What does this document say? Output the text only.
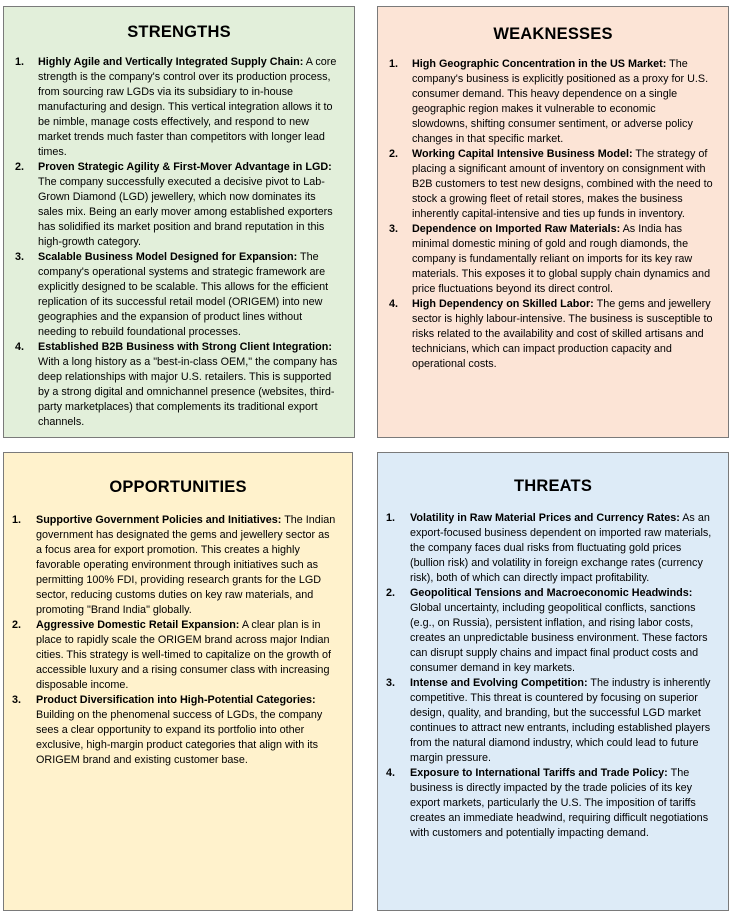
STRENGTHS
1. Highly Agile and Vertically Integrated Supply Chain: A core strength is the company's control over its production process, from sourcing raw LGDs via its subsidiary to in-house manufacturing and design. This vertical integration allows it to be nimble, manage costs effectively, and respond to new market trends much faster than competitors with longer lead times.
2. Proven Strategic Agility & First-Mover Advantage in LGD: The company successfully executed a decisive pivot to Lab-Grown Diamond (LGD) jewellery, which now dominates its sales mix. Being an early mover among established exporters has solidified its market position and brand reputation in this high-growth category.
3. Scalable Business Model Designed for Expansion: The company's operational systems and strategic framework are explicitly designed to be scalable. This allows for the efficient replication of its successful retail model (ORIGEM) into new geographies and the expansion of product lines without needing to rebuild foundational processes.
4. Established B2B Business with Strong Client Integration: With a long history as a "best-in-class OEM," the company has deep relationships with major U.S. retailers. This is supported by a strong digital and omnichannel presence (websites, third-party marketplaces) that complements its traditional export channels.
WEAKNESSES
1. High Geographic Concentration in the US Market: The company's business is explicitly positioned as a proxy for U.S. consumer demand. This heavy dependence on a single geographic region makes it vulnerable to economic slowdowns, shifting consumer sentiment, or adverse policy changes in that specific market.
2. Working Capital Intensive Business Model: The strategy of placing a significant amount of inventory on consignment with B2B customers to test new designs, combined with the need to stock a growing fleet of retail stores, makes the business inherently capital-intensive and ties up funds in inventory.
3. Dependence on Imported Raw Materials: As India has minimal domestic mining of gold and rough diamonds, the company is fundamentally reliant on imports for its key raw materials. This exposes it to global supply chain dynamics and price fluctuations beyond its direct control.
4. High Dependency on Skilled Labor: The gems and jewellery sector is highly labour-intensive. The business is susceptible to risks related to the availability and cost of skilled artisans and technicians, which can impact production capacity and operational costs.
OPPORTUNITIES
1. Supportive Government Policies and Initiatives: The Indian government has designated the gems and jewellery sector as a focus area for export promotion. This creates a highly favorable operating environment through initiatives such as permitting 100% FDI, providing research grants for the LGD sector, reducing customs duties on key raw materials, and promoting "Brand India" globally.
2. Aggressive Domestic Retail Expansion: A clear plan is in place to rapidly scale the ORIGEM brand across major Indian cities. This strategy is well-timed to capitalize on the growth of accessible luxury and a rising consumer class with increasing disposable income.
3. Product Diversification into High-Potential Categories: Building on the phenomenal success of LGDs, the company sees a clear opportunity to expand its portfolio into other exclusive, high-margin product categories that align with its ORIGEM brand and existing customer base.
THREATS
1. Volatility in Raw Material Prices and Currency Rates: As an export-focused business dependent on imported raw materials, the company faces dual risks from fluctuating gold prices (bullion risk) and volatility in foreign exchange rates (currency risk), both of which can directly impact profitability.
2. Geopolitical Tensions and Macroeconomic Headwinds: Global uncertainty, including geopolitical conflicts, sanctions (e.g., on Russia), persistent inflation, and rising labor costs, creates an unpredictable business environment. These factors can disrupt supply chains and impact final product costs and consumer demand in key markets.
3. Intense and Evolving Competition: The industry is inherently competitive. This threat is countered by focusing on superior design, quality, and branding, but the successful LGD market continues to attract new entrants, including established players from the natural diamond industry, which could lead to future margin pressure.
4. Exposure to International Tariffs and Trade Policy: The business is directly impacted by the trade policies of its key export markets, particularly the U.S. The imposition of tariffs creates an immediate headwind, requiring difficult negotiations with customers and potentially impacting demand.
